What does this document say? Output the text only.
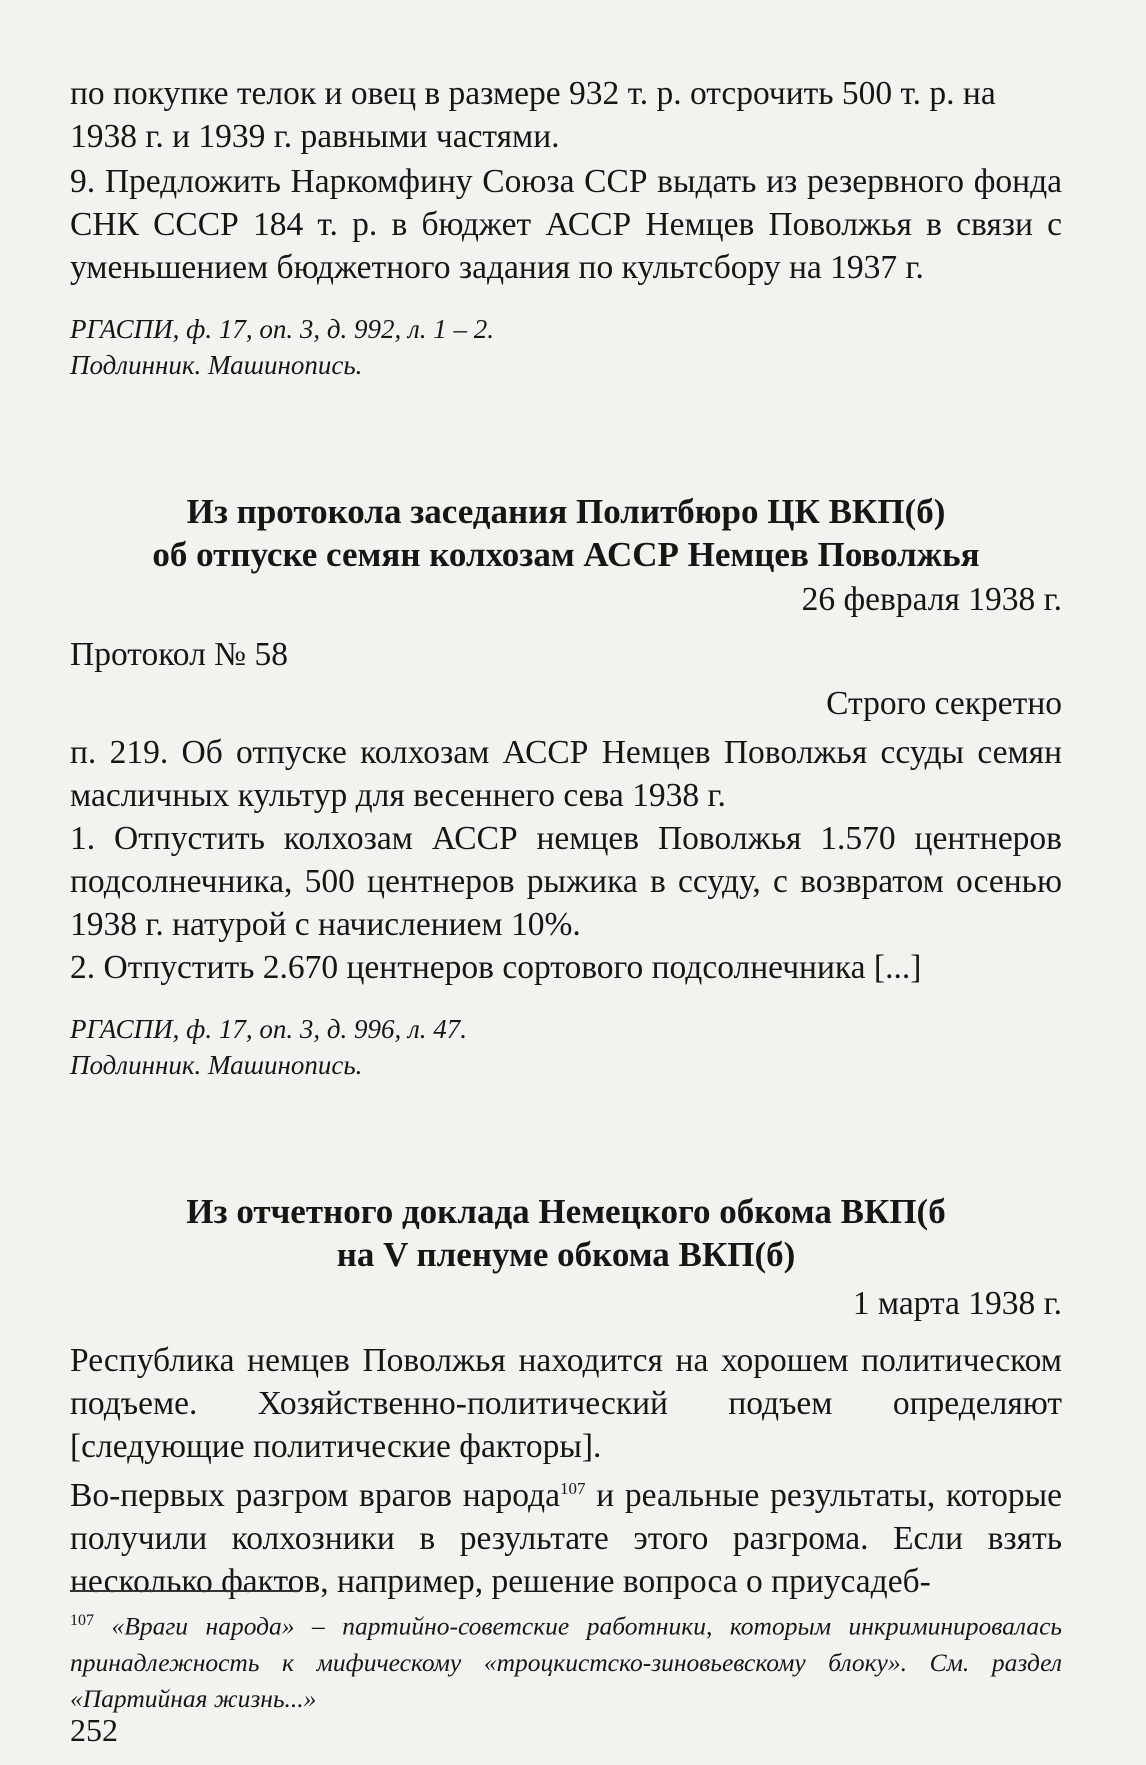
по покупке телок и овец в размере 932 т. р. отсрочить 500 т. р. на

1938 г. и 1939 г. равными частями.

9. Предложить Наркомфину Союза ССР выдать из резервного фонда СНК СССР 184 т. р. в бюджет АССР Немцев Поволжья в связи с уменьшением бюджетного задания по культсбору на 1937 г.

РГАСПИ, ф. 17, оп. 3, д. 992, л. 1 – 2.

Подлинник. Машинопись.

Из протокола заседания Политбюро ЦК ВКП(б)

об отпуске семян колхозам АССР Немцев Поволжья

26 февраля 1938 г.

Протокол № 58

Строго секретно

п. 219. Об отпуске колхозам АССР Немцев Поволжья ссуды семян масличных культур для весеннего сева 1938 г.

1. Отпустить колхозам АССР немцев Поволжья 1.570 центнеров подсолнечника, 500 центнеров рыжика в ссуду, с возвратом осенью 1938 г. натурой с начислением 10%.

2. Отпустить 2.670 центнеров сортового подсолнечника [...]

РГАСПИ, ф. 17, оп. 3, д. 996, л. 47.

Подлинник. Машинопись.

Из отчетного доклада Немецкого обкома ВКП(б

на V пленуме обкома ВКП(б)

1 марта 1938 г.

Республика немцев Поволжья находится на хорошем политическом подъеме. Хозяйственно-политический подъем определяют [следующие политические факторы].

Во-первых разгром врагов народа$^{107}$ и реальные результаты, которые получили колхозники в результате этого разгрома. Если взять несколько фактов, например, решение вопроса о приусадеб-

$^{107}$ «Враги народа» – партийно-советские работники, которым инкриминировалась принадлежность к мифическому «троцкистско-зиновьевскому блоку». См. раздел «Партийная жизнь...»

252
